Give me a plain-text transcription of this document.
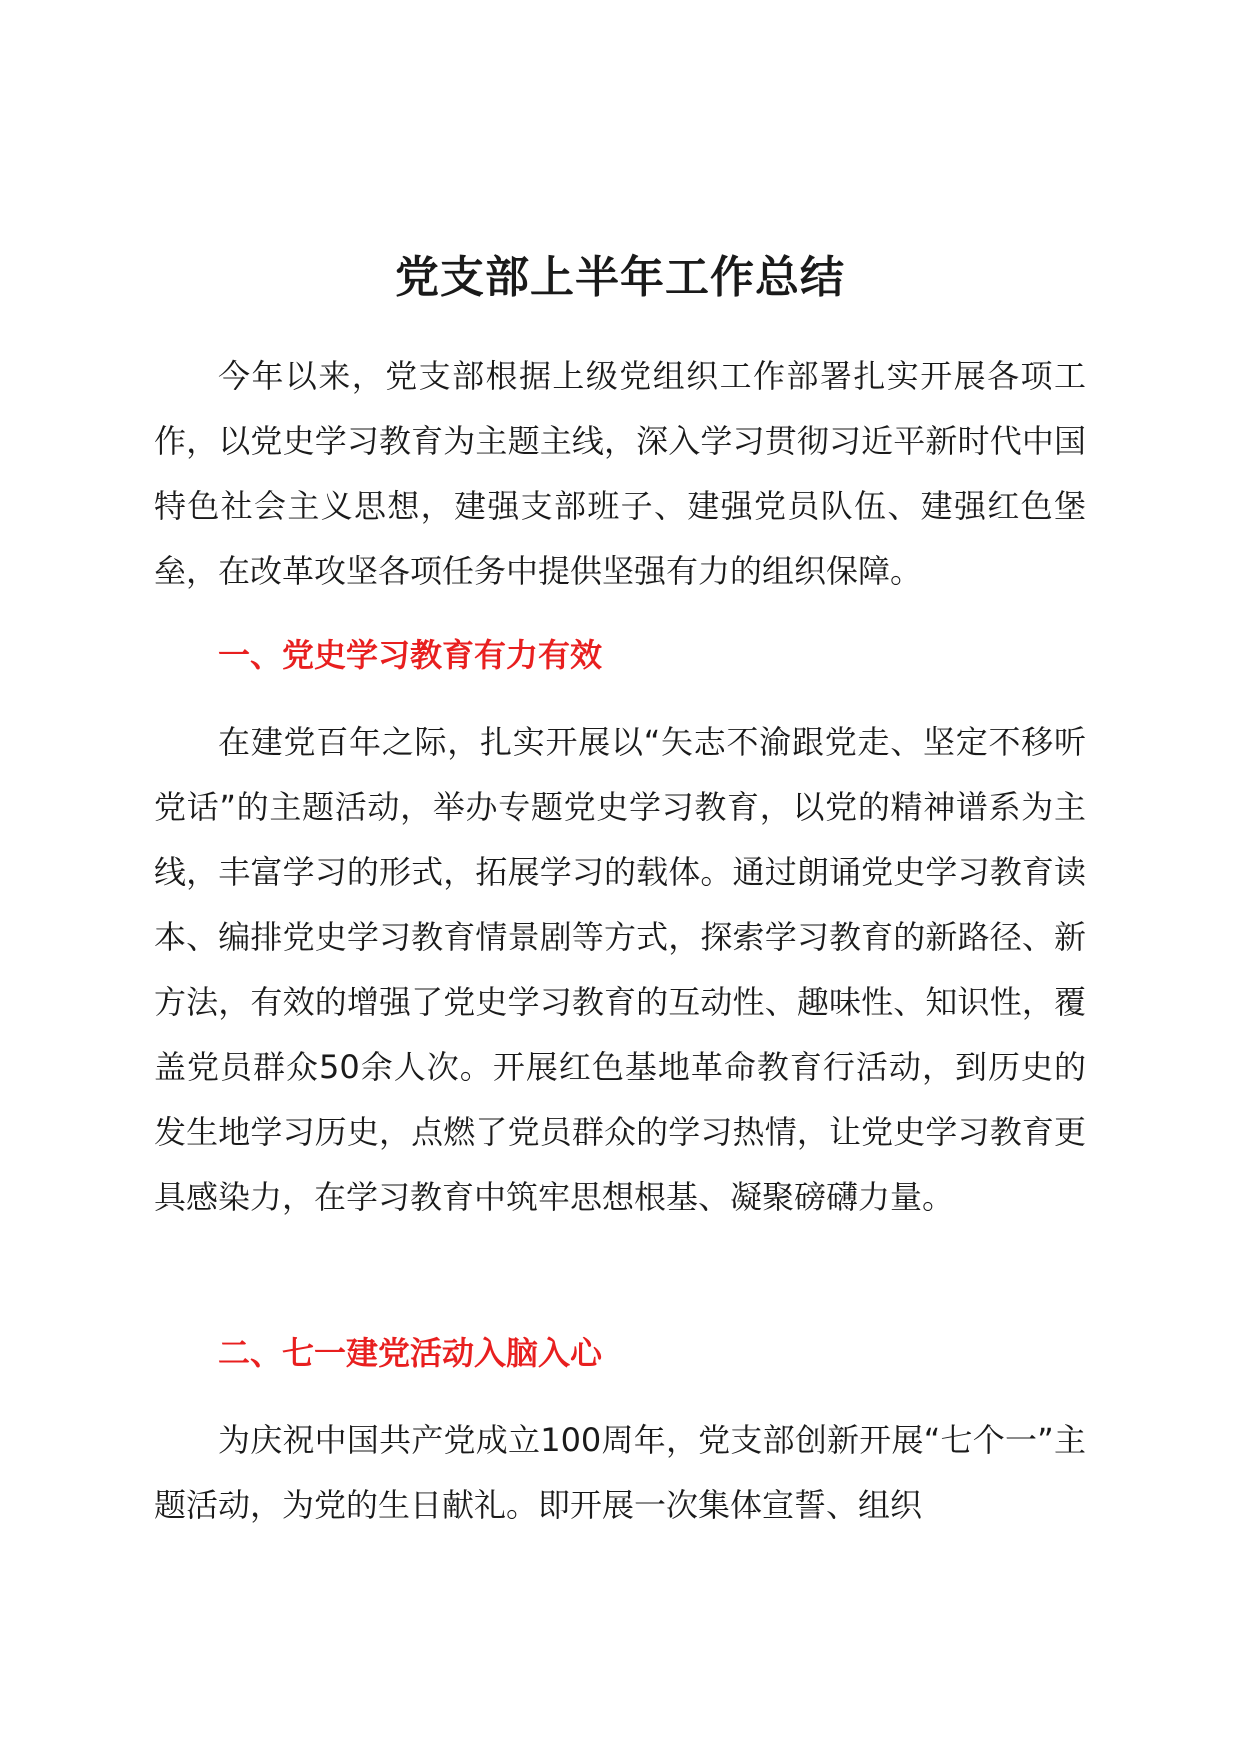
党支部上半年工作总结

今年以来，党支部根据上级党组织工作部署扎实开展各项工作，以党史学习教育为主题主线，深入学习贯彻习近平新时代中国特色社会主义思想，建强支部班子、建强党员队伍、建强红色堡垒，在改革攻坚各项任务中提供坚强有力的组织保障。

一、党史学习教育有力有效

在建党百年之际，扎实开展以“矢志不渝跟党走、坚定不移听党话”的主题活动，举办专题党史学习教育，以党的精神谱系为主线，丰富学习的形式，拓展学习的载体。通过朗诵党史学习教育读本、编排党史学习教育情景剧等方式，探索学习教育的新路径、新方法，有效的增强了党史学习教育的互动性、趣味性、知识性，覆盖党员群众50余人次。开展红色基地革命教育行活动，到历史的发生地学习历史，点燃了党员群众的学习热情，让党史学习教育更具感染力，在学习教育中筑牢思想根基、凝聚磅礴力量。

二、七一建党活动入脑入心

为庆祝中国共产党成立100周年，党支部创新开展“七个一”主题活动，为党的生日献礼。即开展一次集体宣誓、组织
